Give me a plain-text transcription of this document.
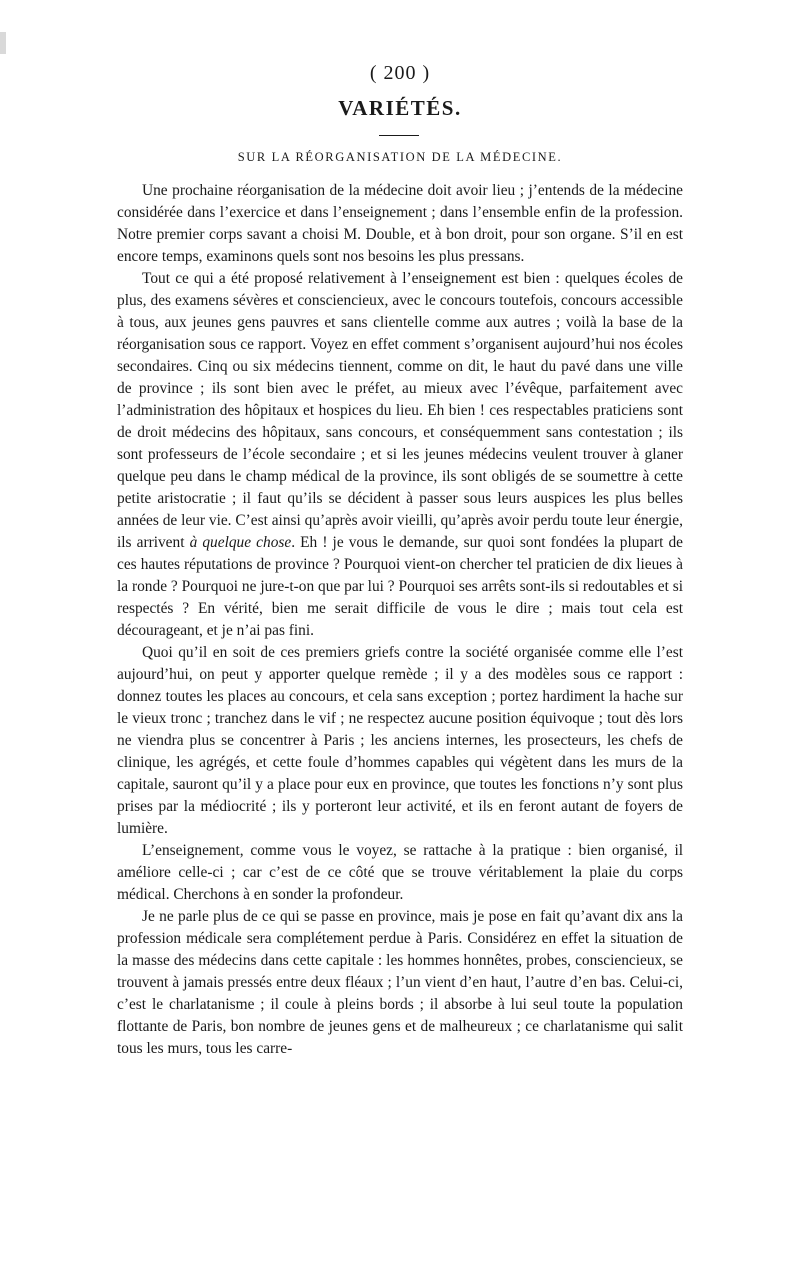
( 200 )
VARIÉTÉS.
SUR LA RÉORGANISATION DE LA MÉDECINE.

Une prochaine réorganisation de la médecine doit avoir lieu ; j’entends de la médecine considérée dans l’exercice et dans l’enseignement ; dans l’ensemble enfin de la profession. Notre premier corps savant a choisi M. Double, et à bon droit, pour son organe. S’il en est encore temps, examinons quels sont nos besoins les plus pressans.

Tout ce qui a été proposé relativement à l’enseignement est bien : quelques écoles de plus, des examens sévères et consciencieux, avec le concours toutefois, concours accessible à tous, aux jeunes gens pauvres et sans clientelle comme aux autres ; voilà la base de la réorganisation sous ce rapport. Voyez en effet comment s’organisent aujourd’hui nos écoles secondaires. Cinq ou six médecins tiennent, comme on dit, le haut du pavé dans une ville de province ; ils sont bien avec le préfet, au mieux avec l’évêque, parfaitement avec l’administration des hôpitaux et hospices du lieu. Eh bien ! ces respectables praticiens sont de droit médecins des hôpitaux, sans concours, et conséquemment sans contestation ; ils sont professeurs de l’école secondaire ; et si les jeunes médecins veulent trouver à glaner quelque peu dans le champ médical de la province, ils sont obligés de se soumettre à cette petite aristocratie ; il faut qu’ils se décident à passer sous leurs auspices les plus belles années de leur vie. C’est ainsi qu’après avoir vieilli, qu’après avoir perdu toute leur énergie, ils arrivent à quelque chose. Eh ! je vous le demande, sur quoi sont fondées la plupart de ces hautes réputations de province ? Pourquoi vient-on chercher tel praticien de dix lieues à la ronde ? Pourquoi ne jure-t-on que par lui ? Pourquoi ses arrêts sont-ils si redoutables et si respectés ? En vérité, bien me serait difficile de vous le dire ; mais tout cela est décourageant, et je n’ai pas fini.

Quoi qu’il en soit de ces premiers griefs contre la société organisée comme elle l’est aujourd’hui, on peut y apporter quelque remède ; il y a des modèles sous ce rapport : donnez toutes les places au concours, et cela sans exception ; portez hardiment la hache sur le vieux tronc ; tranchez dans le vif ; ne respectez aucune position équivoque ; tout dès lors ne viendra plus se concentrer à Paris ; les anciens internes, les prosecteurs, les chefs de clinique, les agrégés, et cette foule d’hommes capables qui végètent dans les murs de la capitale, sauront qu’il y a place pour eux en province, que toutes les fonctions n’y sont plus prises par la médiocrité ; ils y porteront leur activité, et ils en feront autant de foyers de lumière.

L’enseignement, comme vous le voyez, se rattache à la pratique : bien organisé, il améliore celle-ci ; car c’est de ce côté que se trouve véritablement la plaie du corps médical. Cherchons à en sonder la profondeur.

Je ne parle plus de ce qui se passe en province, mais je pose en fait qu’avant dix ans la profession médicale sera complétement perdue à Paris. Considérez en effet la situation de la masse des médecins dans cette capitale : les hommes honnêtes, probes, consciencieux, se trouvent à jamais pressés entre deux fléaux ; l’un vient d’en haut, l’autre d’en bas. Celui-ci, c’est le charlatanisme ; il coule à pleins bords ; il absorbe à lui seul toute la population flottante de Paris, bon nombre de jeunes gens et de malheureux ; ce charlatanisme qui salit tous les murs, tous les carre-
